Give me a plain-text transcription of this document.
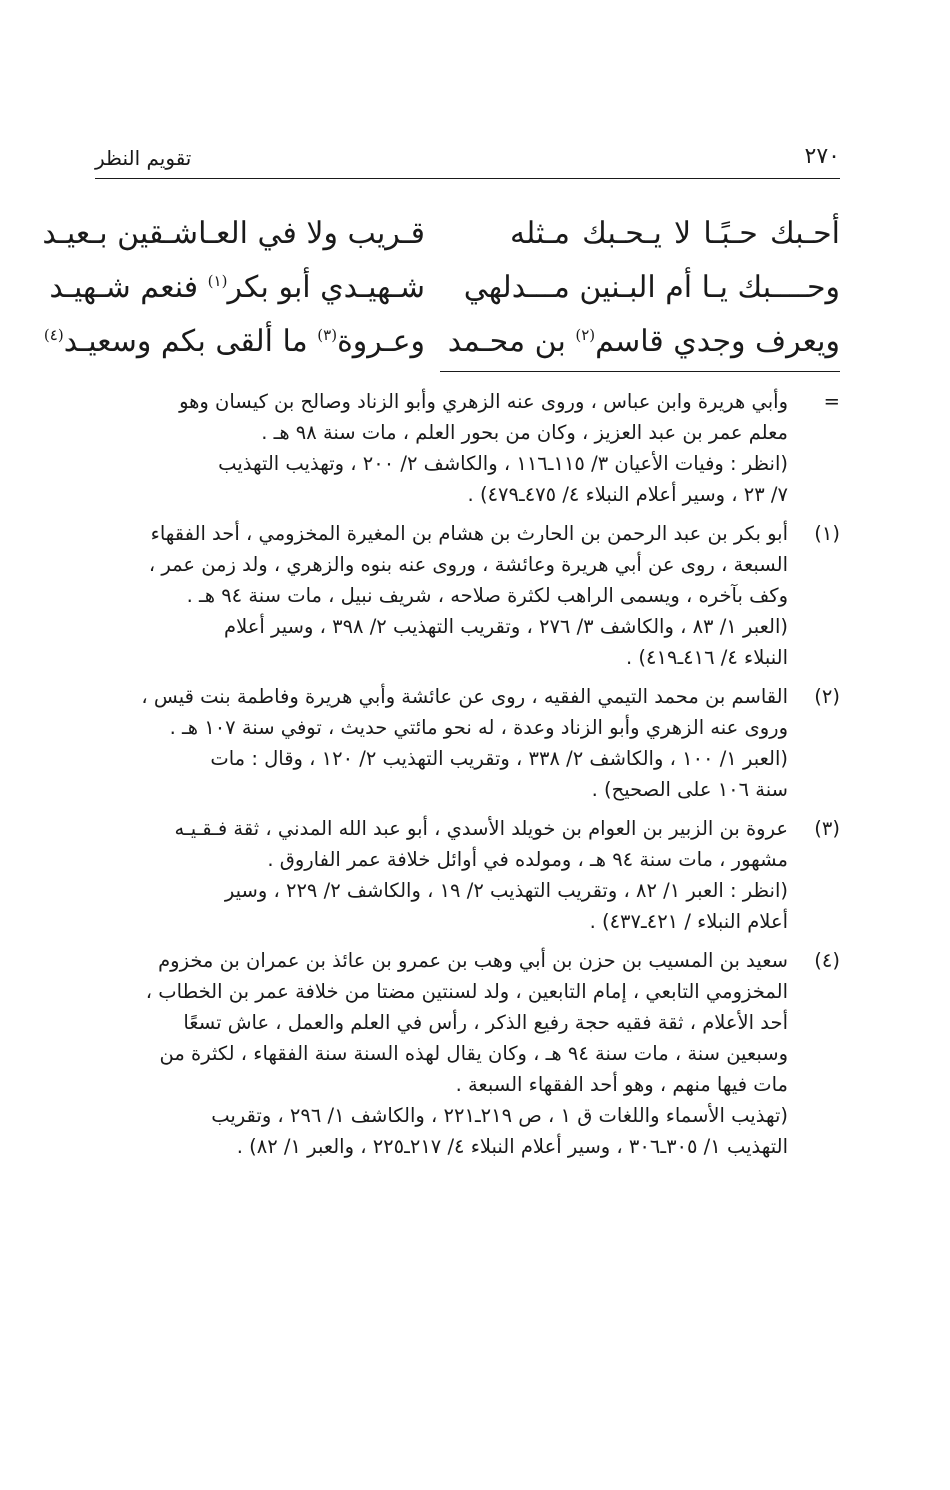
٢٧٠
تقويم النظر
أحـبك حـبًـا لا يـحـبك مـثله
قـريب ولا في العـاشـقين بـعيـد
وحــــبك يـا أم البـنين مـــدلهي
شـهيـدي أبو بكر$^{(١)}$ فنعم شـهيـد
ويعرف وجدي قاسم$^{(٢)}$ بن محـمد
وعـروة$^{(٣)}$ ما ألقى بكم وسعيـد$^{(٤)}$
=
وأبي هريرة وابن عباس ، وروى عنه الزهري وأبو الزناد وصالح بن كيسان وهو
معلم عمر بن عبد العزيز ، وكان من بحور العلم ، مات سنة ٩٨ هـ .
(انظر : وفيات الأعيان ٣/ ١١٥ـ١١٦ ، والكاشف ٢/ ٢٠٠ ، وتهذيب التهذيب
٧/ ٢٣ ، وسير أعلام النبلاء ٤/ ٤٧٥ـ٤٧٩) .
(١)
أبو بكر بن عبد الرحمن بن الحارث بن هشام بن المغيرة المخزومي ، أحد الفقهاء
السبعة ، روى عن أبي هريرة وعائشة ، وروى عنه بنوه والزهري ، ولد زمن عمر ،
وكف بآخره ، ويسمى الراهب لكثرة صلاحه ، شريف نبيل ، مات سنة ٩٤ هـ .
(العبر ١/ ٨٣ ، والكاشف ٣/ ٢٧٦ ، وتقريب التهذيب ٢/ ٣٩٨ ، وسير أعلام
النبلاء ٤/ ٤١٦ـ٤١٩) .
(٢)
القاسم بن محمد التيمي الفقيه ، روى عن عائشة وأبي هريرة وفاطمة بنت قيس ،
وروى عنه الزهري وأبو الزناد وعدة ، له نحو مائتي حديث ، توفي سنة ١٠٧ هـ .
(العبر ١/ ١٠٠ ، والكاشف ٢/ ٣٣٨ ، وتقريب التهذيب ٢/ ١٢٠ ، وقال : مات
سنة ١٠٦ على الصحيح) .
(٣)
عروة بن الزبير بن العوام بن خويلد الأسدي ، أبو عبد الله المدني ، ثقة فـقـيـه
مشهور ، مات سنة ٩٤ هـ ، ومولده في أوائل خلافة عمر الفاروق .
(انظر : العبر ١/ ٨٢ ، وتقريب التهذيب ٢/ ١٩ ، والكاشف ٢/ ٢٢٩ ، وسير
أعلام النبلاء / ٤٢١ـ٤٣٧) .
(٤)
سعيد بن المسيب بن حزن بن أبي وهب بن عمرو بن عائذ بن عمران بن مخزوم
المخزومي التابعي ، إمام التابعين ، ولد لسنتين مضتا من خلافة عمر بن الخطاب ،
أحد الأعلام ، ثقة فقيه حجة رفيع الذكر ، رأس في العلم والعمل ، عاش تسعًا
وسبعين سنة ، مات سنة ٩٤ هـ ، وكان يقال لهذه السنة سنة الفقهاء ، لكثرة من
مات فيها منهم ، وهو أحد الفقهاء السبعة .
(تهذيب الأسماء واللغات ق ١ ، ص ٢١٩ـ٢٢١ ، والكاشف ١/ ٢٩٦ ، وتقريب
التهذيب ١/ ٣٠٥ـ٣٠٦ ، وسير أعلام النبلاء ٤/ ٢١٧ـ٢٢٥ ، والعبر ١/ ٨٢) .
